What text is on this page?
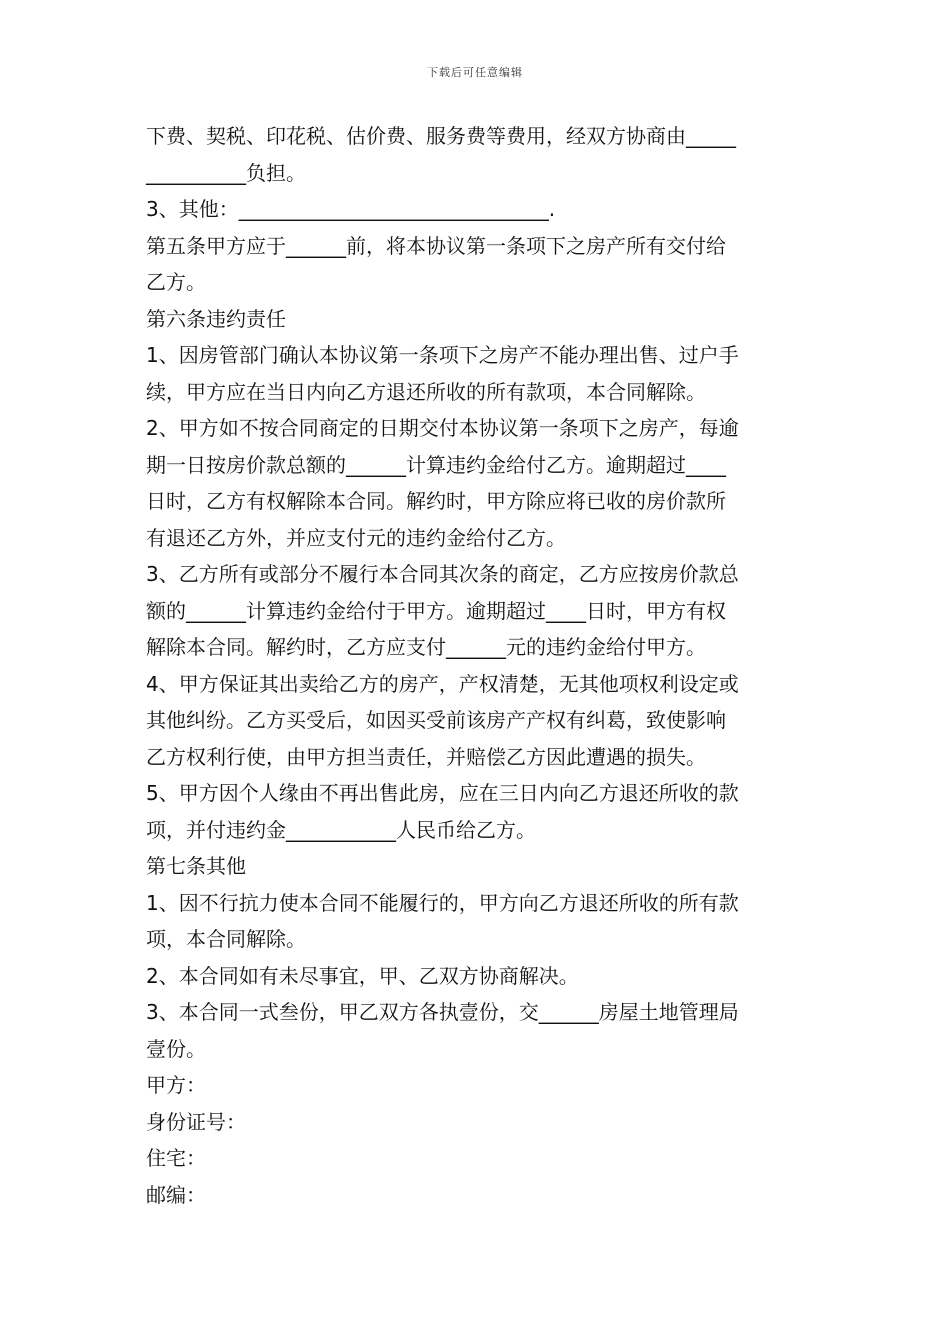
下载后可任意编辑
下费、契税、印花税、估价费、服务费等费用，经双方协商由_____
__________负担。
3、其他：_______________________________.
第五条甲方应于______前，将本协议第一条项下之房产所有交付给
乙方。
第六条违约责任
1、因房管部门确认本协议第一条项下之房产不能办理出售、过户手
续，甲方应在当日内向乙方退还所收的所有款项，本合同解除。
2、甲方如不按合同商定的日期交付本协议第一条项下之房产，每逾
期一日按房价款总额的______计算违约金给付乙方。逾期超过____
日时，乙方有权解除本合同。解约时，甲方除应将已收的房价款所
有退还乙方外，并应支付元的违约金给付乙方。
3、乙方所有或部分不履行本合同其次条的商定，乙方应按房价款总
额的______计算违约金给付于甲方。逾期超过____日时，甲方有权
解除本合同。解约时，乙方应支付______元的违约金给付甲方。
4、甲方保证其出卖给乙方的房产，产权清楚，无其他项权利设定或
其他纠纷。乙方买受后，如因买受前该房产产权有纠葛，致使影响
乙方权利行使，由甲方担当责任，并赔偿乙方因此遭遇的损失。
5、甲方因个人缘由不再出售此房，应在三日内向乙方退还所收的款
项，并付违约金___________人民币给乙方。
第七条其他
1、因不行抗力使本合同不能履行的，甲方向乙方退还所收的所有款
项，本合同解除。
2、本合同如有未尽事宜，甲、乙双方协商解决。
3、本合同一式叁份，甲乙双方各执壹份，交______房屋土地管理局
壹份。
甲方：
身份证号：
住宅：
邮编：
